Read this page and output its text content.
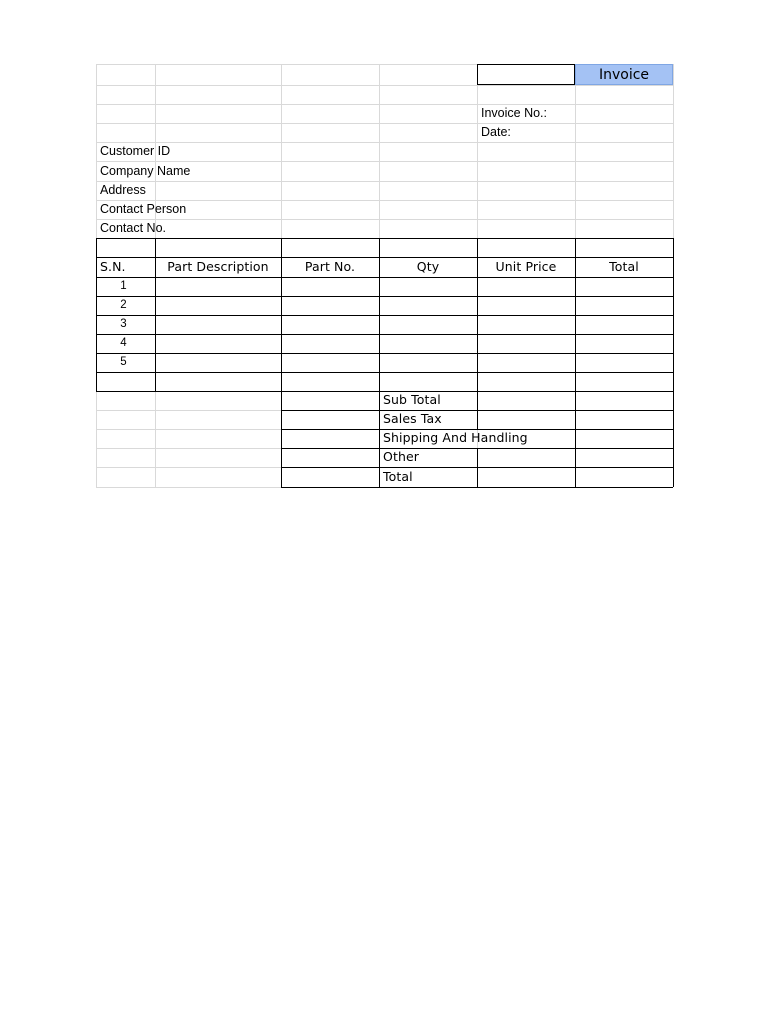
Invoice No.:
Date:
Customer ID
Company Name
Address
Contact Person
Contact No.
S.N.	Part Description	Part No.	Qty	Unit Price	Total
1
2
3
4
5
Sub Total
Sales Tax
Shipping And Handling
Other
Total
Invoice
